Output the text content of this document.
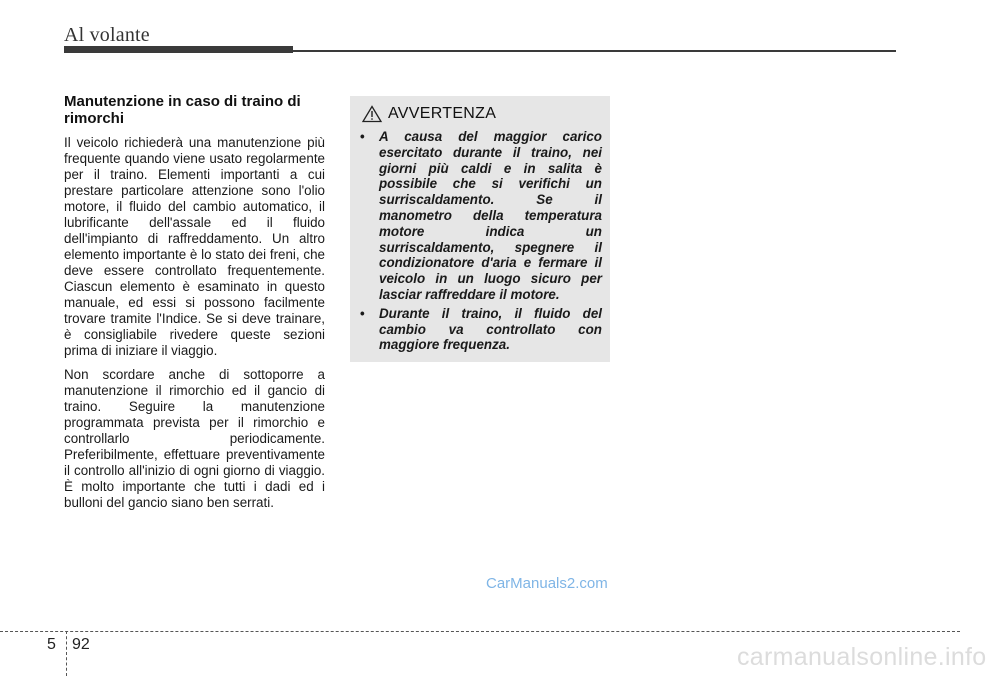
Al volante
Manutenzione in caso di traino di
rimorchi

Il veicolo richiederà una manutenzione più frequente quando viene usato regolarmente per il traino. Elementi importanti a cui prestare particolare attenzione sono l'olio motore, il fluido del cambio automatico, il lubrificante dell'assale ed il fluido dell'impianto di raffreddamento. Un altro elemento importante è lo stato dei freni, che deve essere controllato frequentemente. Ciascun elemento è esaminato in questo manuale, ed essi si possono facilmente trovare tramite l'Indice. Se si deve trainare, è consigliabile rivedere queste sezioni prima di iniziare il viaggio.

Non scordare anche di sottoporre a manutenzione il rimorchio ed il gancio di traino. Seguire la manutenzione programmata prevista per il rimorchio e controllarlo periodicamente. Preferibilmente, effettuare preventivamente il controllo all'inizio di ogni giorno di viaggio. È molto importante che tutti i dadi ed i bulloni del gancio siano ben serrati.

AVVERTENZA
• A causa del maggior carico esercitato durante il traino, nei giorni più caldi e in salita è possibile che si verifichi un surriscaldamento. Se il manometro della temperatura motore indica un surriscaldamento, spegnere il condizionatore d'aria e fermare il veicolo in un luogo sicuro per lasciar raffreddare il motore.
• Durante il traino, il fluido del cambio va controllato con maggiore frequenza.
CarManuals2.com
5 92	carmanualsonline.info
